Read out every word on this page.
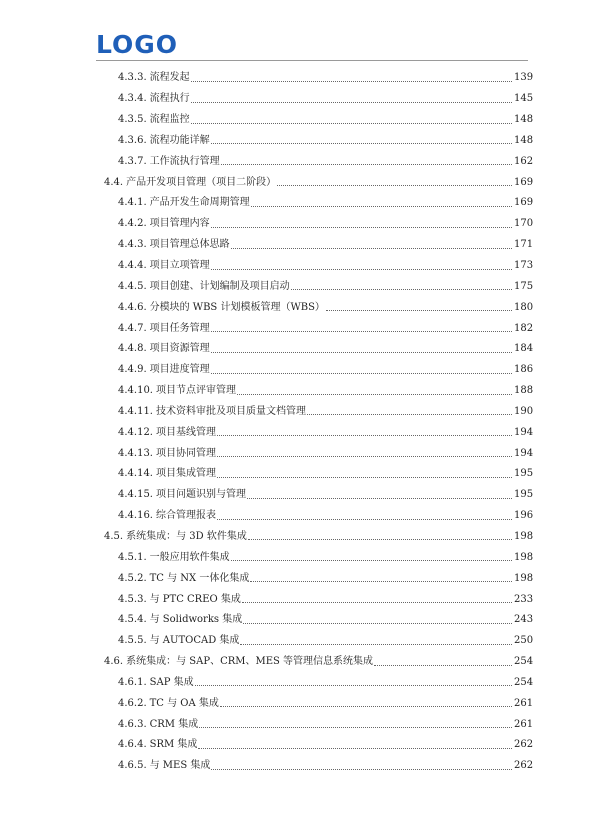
LOGO
4.3.3. 流程发起	139
4.3.4. 流程执行	145
4.3.5. 流程监控	148
4.3.6. 流程功能详解	148
4.3.7. 工作流执行管理	162
4.4. 产品开发项目管理（项目二阶段）	169
4.4.1. 产品开发生命周期管理	169
4.4.2. 项目管理内容	170
4.4.3. 项目管理总体思路	171
4.4.4. 项目立项管理	173
4.4.5. 项目创建、计划编制及项目启动	175
4.4.6. 分模块的 WBS 计划模板管理（WBS）	180
4.4.7. 项目任务管理	182
4.4.8. 项目资源管理	184
4.4.9. 项目进度管理	186
4.4.10. 项目节点评审管理	188
4.4.11. 技术资料审批及项目质量文档管理	190
4.4.12. 项目基线管理	194
4.4.13. 项目协同管理	194
4.4.14. 项目集成管理	195
4.4.15. 项目问题识别与管理	195
4.4.16. 综合管理报表	196
4.5. 系统集成：与 3D 软件集成	198
4.5.1. 一般应用软件集成	198
4.5.2. TC 与 NX 一体化集成	198
4.5.3. 与 PTC CREO 集成	233
4.5.4. 与 Solidworks 集成	243
4.5.5. 与 AUTOCAD 集成	250
4.6. 系统集成：与 SAP、CRM、MES 等管理信息系统集成	254
4.6.1. SAP 集成	254
4.6.2. TC 与 OA 集成	261
4.6.3. CRM 集成	261
4.6.4. SRM 集成	262
4.6.5. 与 MES 集成	262
